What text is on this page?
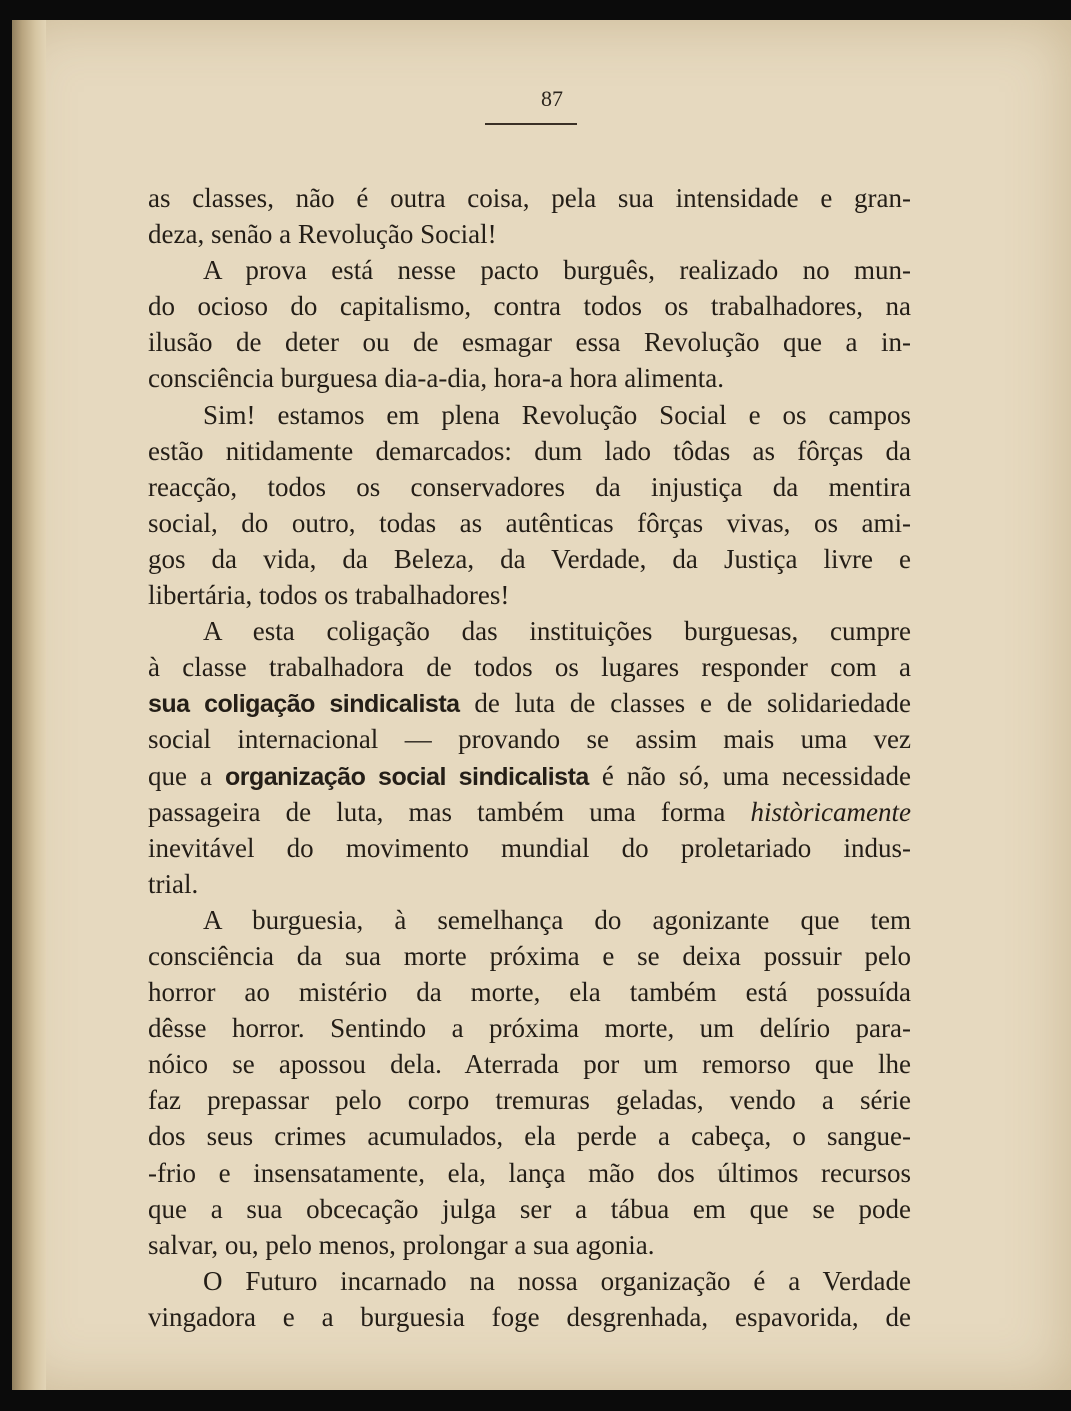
87
as classes, não é outra coisa, pela sua intensidade e gran-
deza, senão a Revolução Social!
A prova está nesse pacto burguês, realizado no mun-
do ocioso do capitalismo, contra todos os trabalhadores, na
ilusão de deter ou de esmagar essa Revolução que a in-
consciência burguesa dia-a-dia, hora-a hora alimenta.
Sim! estamos em plena Revolução Social e os campos
estão nitidamente demarcados: dum lado tôdas as fôrças da
reacção, todos os conservadores da injustiça da mentira
social, do outro, todas as autênticas fôrças vivas, os ami-
gos da vida, da Beleza, da Verdade, da Justiça livre e
libertária, todos os trabalhadores!
A esta coligação das instituições burguesas, cumpre
à classe trabalhadora de todos os lugares responder com a
sua coligação sindicalista de luta de classes e de solidariedade
social internacional — provando se assim mais uma vez
que a organização social sindicalista é não só, uma necessidade
passageira de luta, mas também uma forma històricamente
inevitável do movimento mundial do proletariado indus-
trial.
A burguesia, à semelhança do agonizante que tem
consciência da sua morte próxima e se deixa possuir pelo
horror ao mistério da morte, ela também está possuída
dêsse horror. Sentindo a próxima morte, um delírio para-
nóico se apossou dela. Aterrada por um remorso que lhe
faz prepassar pelo corpo tremuras geladas, vendo a série
dos seus crimes acumulados, ela perde a cabeça, o sangue-
-frio e insensatamente, ela, lança mão dos últimos recursos
que a sua obcecação julga ser a tábua em que se pode
salvar, ou, pelo menos, prolongar a sua agonia.
O Futuro incarnado na nossa organização é a Verdade
vingadora e a burguesia foge desgrenhada, espavorida, de
